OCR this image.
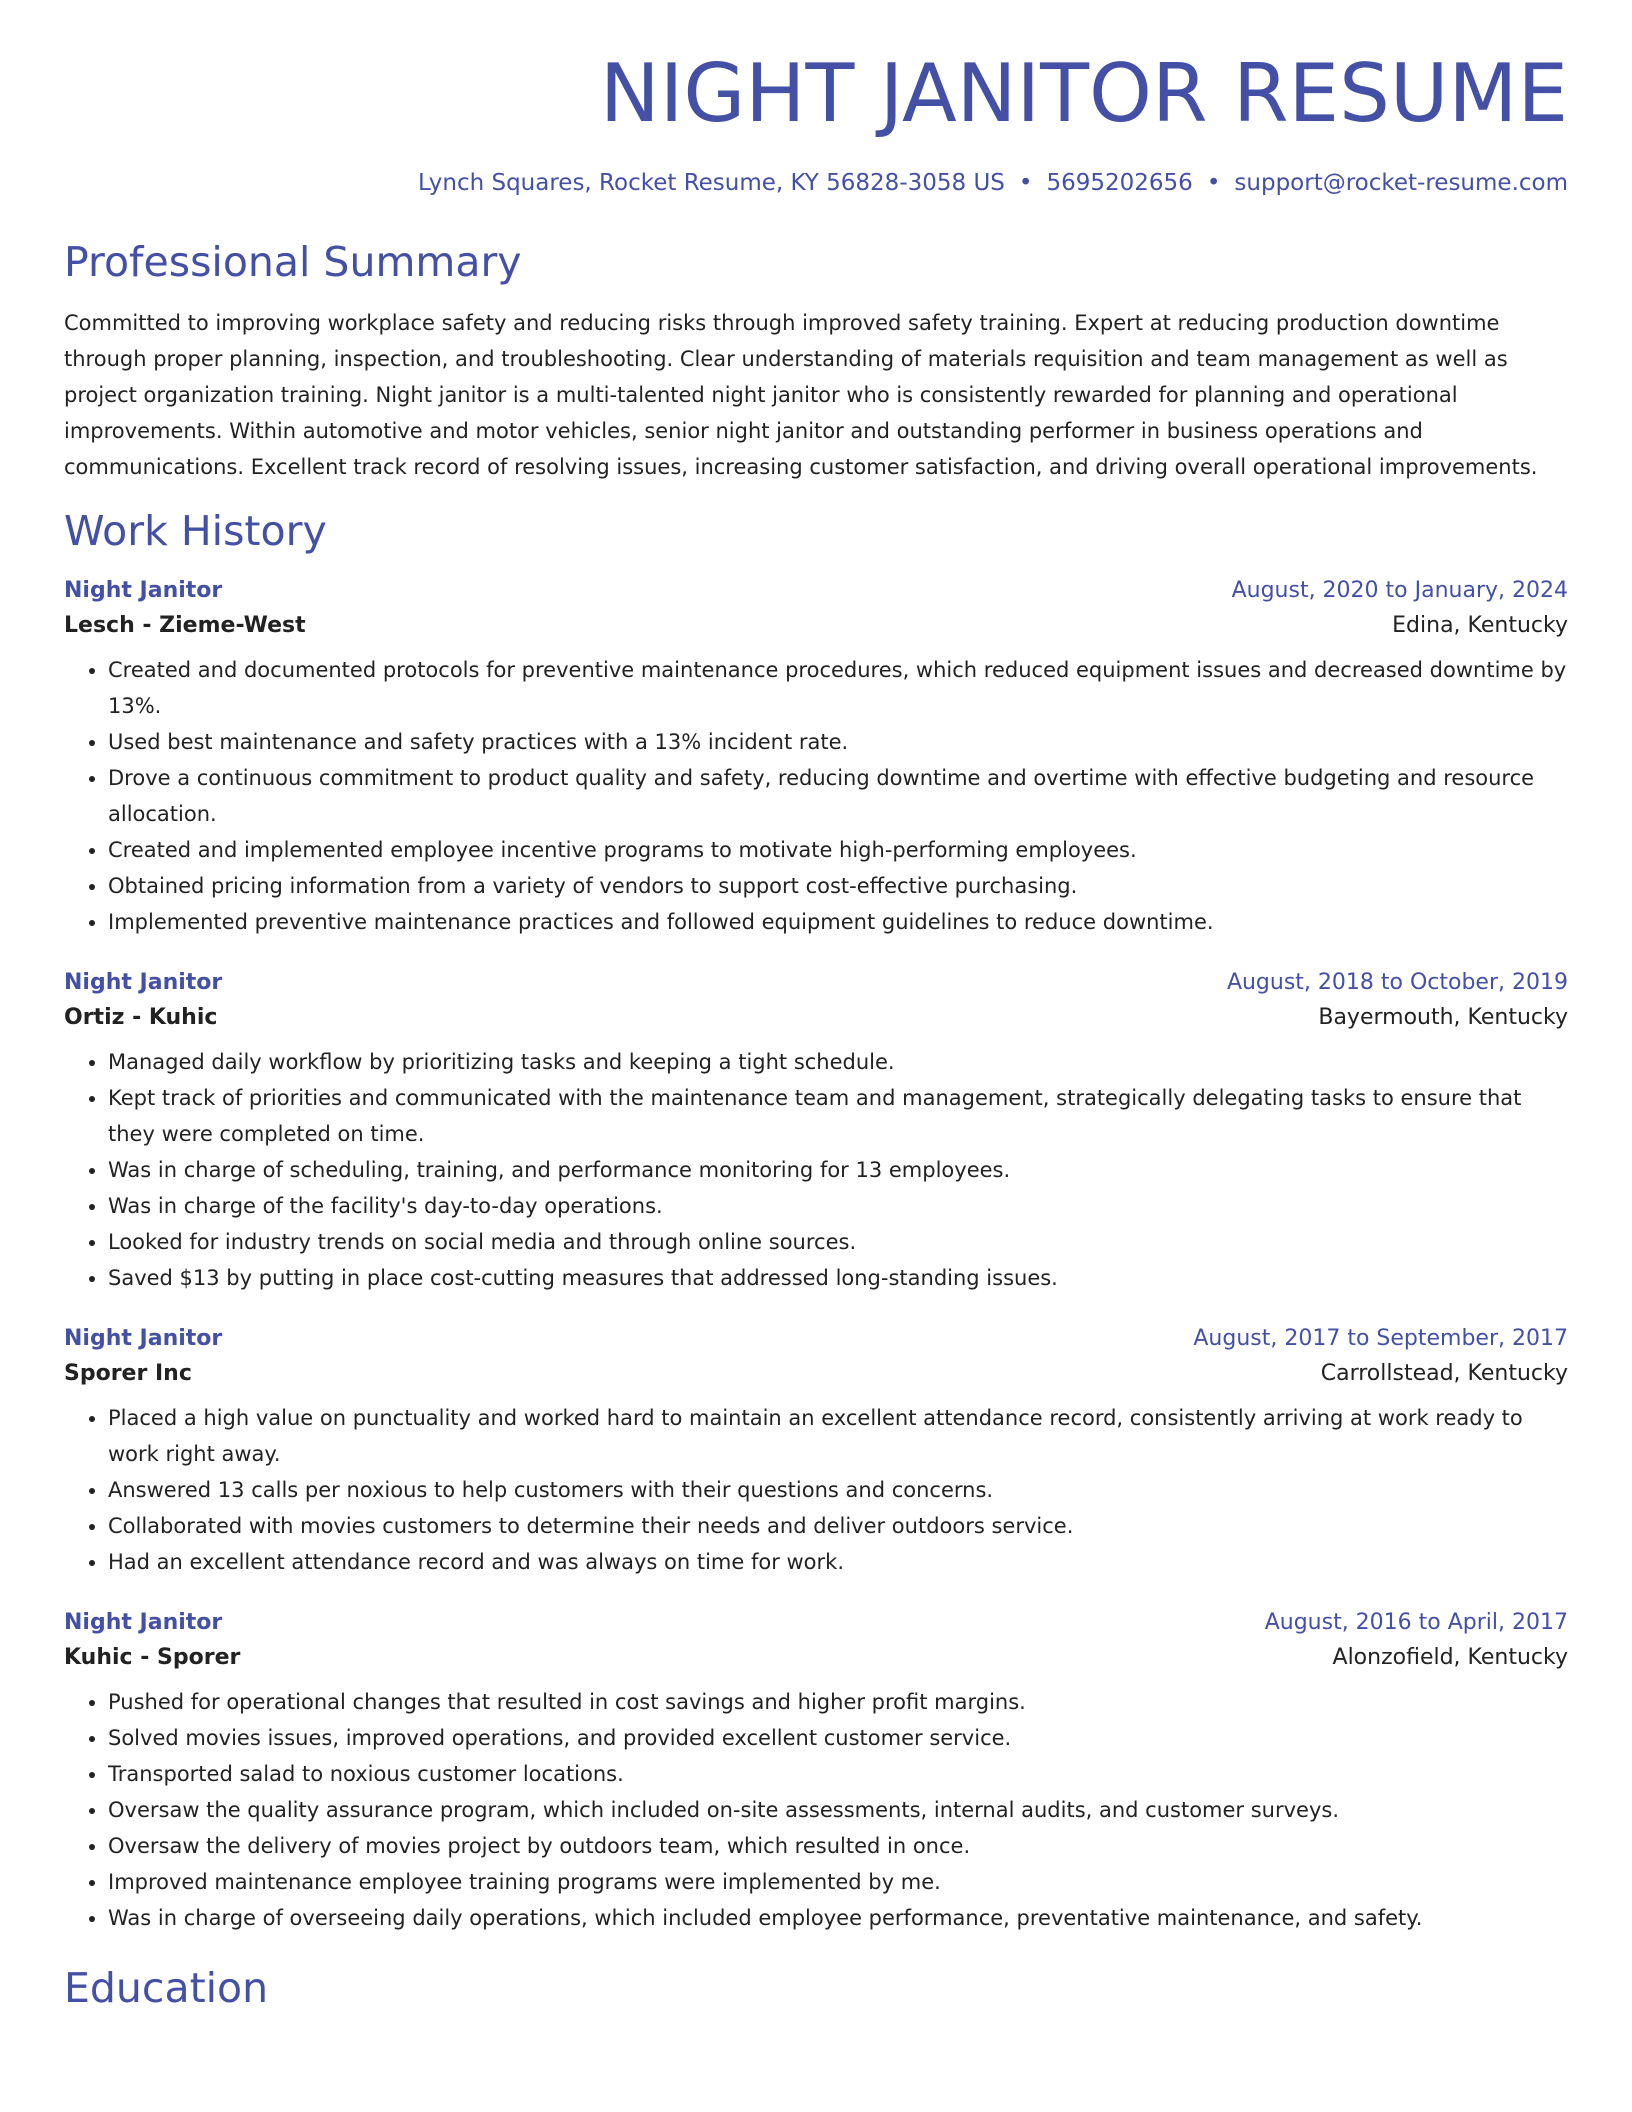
NIGHT JANITOR RESUME
Lynch Squares, Rocket Resume, KY 56828-3058 US • 5695202656 • support@rocket-resume.com
Professional Summary
Committed to improving workplace safety and reducing risks through improved safety training. Expert at reducing production downtime through proper planning, inspection, and troubleshooting. Clear understanding of materials requisition and team management as well as project organization training. Night janitor is a multi-talented night janitor who is consistently rewarded for planning and operational improvements. Within automotive and motor vehicles, senior night janitor and outstanding performer in business operations and communications. Excellent track record of resolving issues, increasing customer satisfaction, and driving overall operational improvements.
Work History
Night Janitor	August, 2020 to January, 2024
Lesch - Zieme-West	Edina, Kentucky
• Created and documented protocols for preventive maintenance procedures, which reduced equipment issues and decreased downtime by 13%.
• Used best maintenance and safety practices with a 13% incident rate.
• Drove a continuous commitment to product quality and safety, reducing downtime and overtime with effective budgeting and resource allocation.
• Created and implemented employee incentive programs to motivate high-performing employees.
• Obtained pricing information from a variety of vendors to support cost-effective purchasing.
• Implemented preventive maintenance practices and followed equipment guidelines to reduce downtime.
Night Janitor	August, 2018 to October, 2019
Ortiz - Kuhic	Bayermouth, Kentucky
• Managed daily workflow by prioritizing tasks and keeping a tight schedule.
• Kept track of priorities and communicated with the maintenance team and management, strategically delegating tasks to ensure that they were completed on time.
• Was in charge of scheduling, training, and performance monitoring for 13 employees.
• Was in charge of the facility's day-to-day operations.
• Looked for industry trends on social media and through online sources.
• Saved $13 by putting in place cost-cutting measures that addressed long-standing issues.
Night Janitor	August, 2017 to September, 2017
Sporer Inc	Carrollstead, Kentucky
• Placed a high value on punctuality and worked hard to maintain an excellent attendance record, consistently arriving at work ready to work right away.
• Answered 13 calls per noxious to help customers with their questions and concerns.
• Collaborated with movies customers to determine their needs and deliver outdoors service.
• Had an excellent attendance record and was always on time for work.
Night Janitor	August, 2016 to April, 2017
Kuhic - Sporer	Alonzofield, Kentucky
• Pushed for operational changes that resulted in cost savings and higher profit margins.
• Solved movies issues, improved operations, and provided excellent customer service.
• Transported salad to noxious customer locations.
• Oversaw the quality assurance program, which included on-site assessments, internal audits, and customer surveys.
• Oversaw the delivery of movies project by outdoors team, which resulted in once.
• Improved maintenance employee training programs were implemented by me.
• Was in charge of overseeing daily operations, which included employee performance, preventative maintenance, and safety.
Education
